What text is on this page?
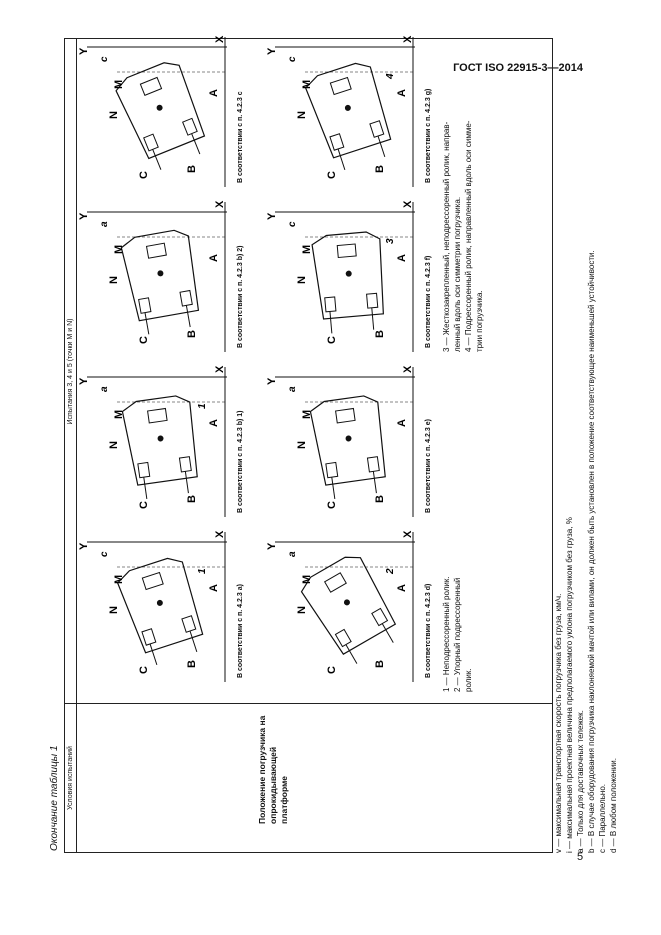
ГОСТ ISO 22915-3—2014
5
Окончание таблицы 1 Условия испытаний
Испытания 3, 4 и 5 (точки M и N)
Положение погрузчика на опрокидывающей платформе
C
B
A
M
N
X
Y
c
1
В соответствии с п. 4.2.3 a)
C
B
A
M
N
X
Y
a
1
В соответствии с п. 4.2.3 b) 1)
C
B
A
M
N
X
Y
a
В соответствии с п. 4.2.3 b) 2)
C
B
A
M
N
X
Y
c
В соответствии с п. 4.2.3 c
C
B
A
M
N
X
Y
a
2
В соответствии с п. 4.2.3 d)
C
B
A
M
N
X
Y
a
В соответствии с п. 4.2.3 e)
C
B
A
M
N
X
Y
c
3
В соответствии с п. 4.2.3 f)
C
B
A
M
N
X
Y
c
4
В соответствии с п. 4.2.3 g)
1 — Неподрессоренный ролик. 2 — Упорный подрессоренный ролик.
3 — Жесткозакрепленный, неподрессоренный ролик, направ- ленный вдоль оси симметрии погрузчика. 4 — Подрессоренный ролик, направленный вдоль оси симме- трии погрузчика.
v — максимальная транспортная скорость погрузчика без груза, км/ч. i — максимальная проектная величина предполагаемого уклона погрузчиком без груза, % a — Только для доставочных тележек. b — В случае оборудования погрузчика наклоняемой мачтой или вилами, он должен быть установлен в положение соответствующее наименьшей устойчивости. c — Параллельно. d — В любом положении.
